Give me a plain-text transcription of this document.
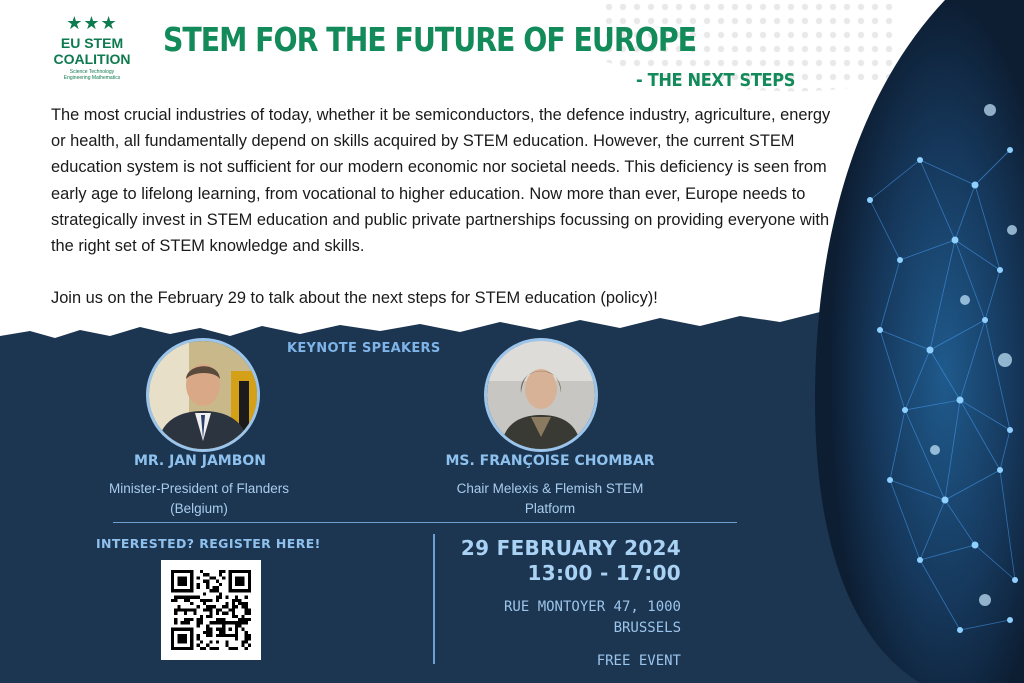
★★★
EU STEM
COALITION
Science Technology
Engineering Mathematics
STEM FOR THE FUTURE OF EUROPE
- THE NEXT STEPS

The most crucial industries of today, whether it be semiconductors, the defence industry, agriculture, energy or health, all fundamentally depend on skills acquired by STEM education. However, the current STEM education system is not sufficient for our modern economic nor societal needs. This deficiency is seen from early age to lifelong learning, from vocational to higher education. Now more than ever, Europe needs to strategically invest in STEM education and public private partnerships focussing on providing everyone with the right set of STEM knowledge and skills.

Join us on the February 29 to talk about the next steps for STEM education (policy)!

KEYNOTE SPEAKERS
MR. JAN JAMBON
Minister-President of Flanders
(Belgium)
MS. FRANÇOISE CHOMBAR
Chair Melexis & Flemish STEM
Platform
INTERESTED? REGISTER HERE!	29 FEBRUARY 2024
13:00 - 17:00
RUE MONTOYER 47, 1000
BRUSSELS
FREE EVENT
